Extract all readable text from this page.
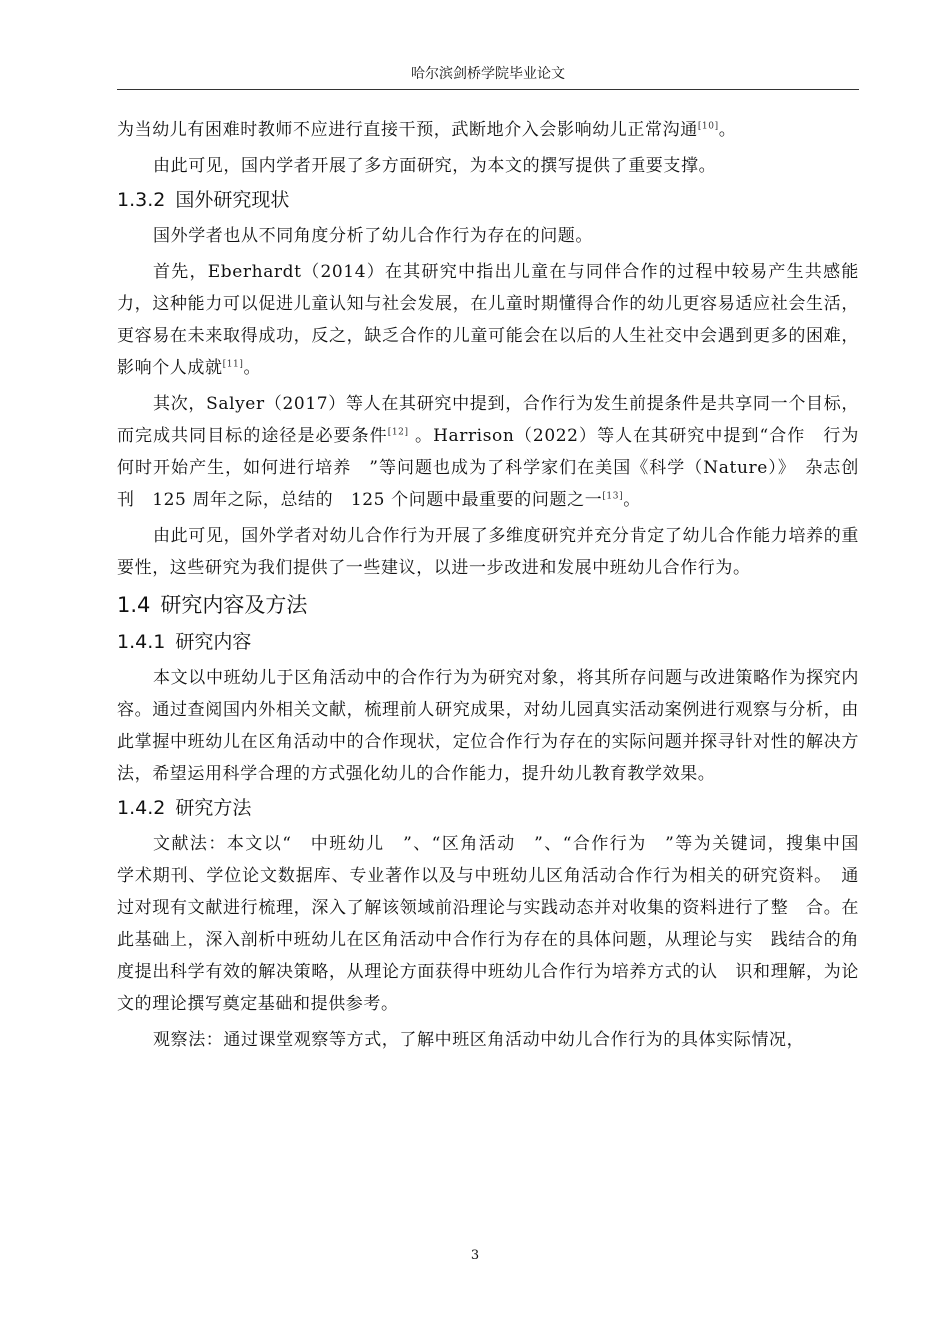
哈尔滨剑桥学院毕业论文

为当幼儿有困难时教师不应进行直接干预，武断地介入会影响幼儿正常沟通[10]。

由此可见，国内学者开展了多方面研究，为本文的撰写提供了重要支撑。

1.3.2 国外研究现状

国外学者也从不同角度分析了幼儿合作行为存在的问题。

首先，Eberhardt（2014）在其研究中指出儿童在与同伴合作的过程中较易产生共感能力，这种能力可以促进儿童认知与社会发展，在儿童时期懂得合作的幼儿更容易适应社会生活，更容易在未来取得成功，反之，缺乏合作的儿童可能会在以后的人生社交中会遇到更多的困难，影响个人成就[11]。

其次，Salyer（2017）等人在其研究中提到，合作行为发生前提条件是共享同一个目标，而完成共同目标的途径是必要条件[12] 。Harrison（2022）等人在其研究中提到“合作　行为何时开始产生，如何进行培养　”等问题也成为了科学家们在美国《科学（Nature）》　杂志创刊　125 周年之际，总结的　125 个问题中最重要的问题之一[13]。

由此可见，国外学者对幼儿合作行为开展了多维度研究并充分肯定了幼儿合作能力培养的重要性，这些研究为我们提供了一些建议，以进一步改进和发展中班幼儿合作行为。

1.4 研究内容及方法
1.4.1 研究内容

本文以中班幼儿于区角活动中的合作行为为研究对象，将其所存问题与改进策略作为探究内容。通过查阅国内外相关文献，梳理前人研究成果，对幼儿园真实活动案例进行观察与分析，由此掌握中班幼儿在区角活动中的合作现状，定位合作行为存在的实际问题并探寻针对性的解决方法，希望运用科学合理的方式强化幼儿的合作能力，提升幼儿教育教学效果。

1.4.2 研究方法

文献法：本文以“　中班幼儿　”、“区角活动　”、“合作行为　”等为关键词，搜集中国　学术期刊、学位论文数据库、专业著作以及与中班幼儿区角活动合作行为相关的研究资料。　通过对现有文献进行梳理，深入了解该领域前沿理论与实践动态并对收集的资料进行了整　合。在此基础上，深入剖析中班幼儿在区角活动中合作行为存在的具体问题，从理论与实　践结合的角度提出科学有效的解决策略，从理论方面获得中班幼儿合作行为培养方式的认　识和理解，为论文的理论撰写奠定基础和提供参考。

观察法：通过课堂观察等方式，了解中班区角活动中幼儿合作行为的具体实际情况，

3
